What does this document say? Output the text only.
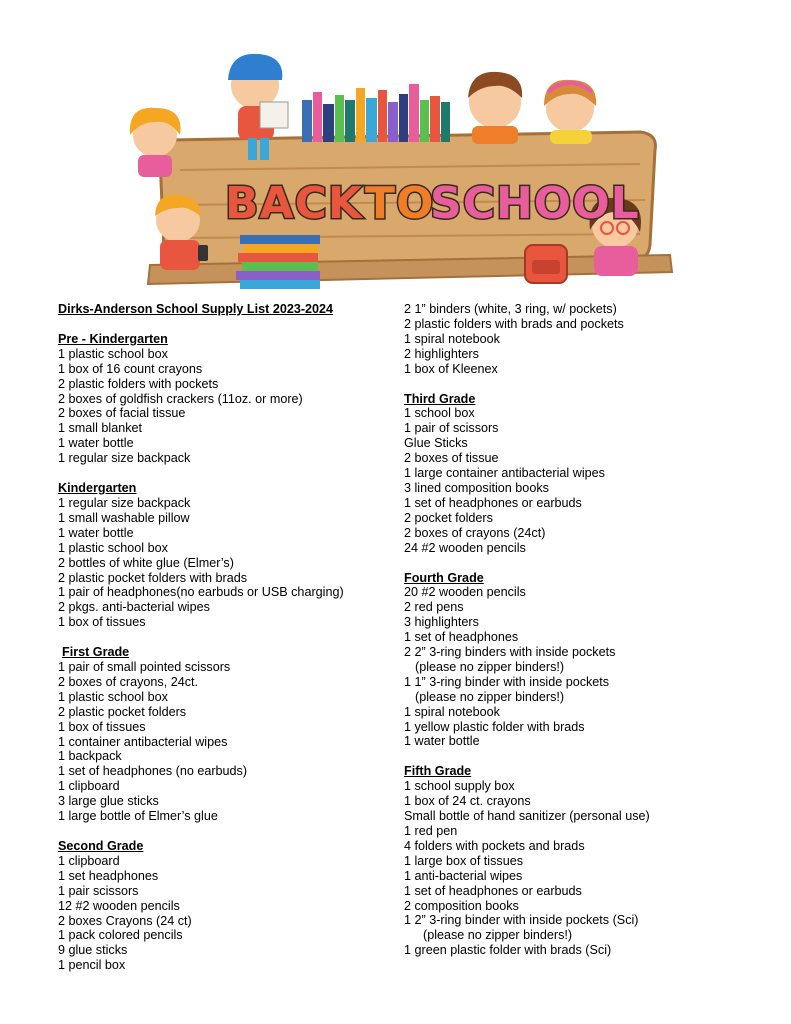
BACK TO
SCHOOL
Dirks-Anderson School Supply List 2023-2024
Pre - Kindergarten
1 plastic school box
1 box of 16 count crayons
2 plastic folders with pockets
2 boxes of goldfish crackers (11oz. or more)
2 boxes of facial tissue
1 small blanket
1 water bottle
1 regular size backpack
Kindergarten
1 regular size backpack
1 small washable pillow
1 water bottle
1 plastic school box
2 bottles of white glue (Elmer’s)
2 plastic pocket folders with brads
1 pair of headphones(no earbuds or USB charging)
2 pkgs. anti-bacterial wipes
1 box of tissues
First Grade
1 pair of small pointed scissors
2 boxes of crayons, 24ct.
1 plastic school box
2 plastic pocket folders
1 box of tissues
1 container antibacterial wipes
1 backpack
1 set of headphones (no earbuds)
1 clipboard
3 large glue sticks
1 large bottle of Elmer’s glue
Second Grade
1 clipboard
1 set headphones
1 pair scissors
12 #2 wooden pencils
2 boxes Crayons (24 ct)
1 pack colored pencils
9 glue sticks
1 pencil box
2 1” binders (white, 3 ring, w/ pockets)
2 plastic folders with brads and pockets
1 spiral notebook
2 highlighters
1 box of Kleenex
Third Grade
1 school box
1 pair of scissors
Glue Sticks
2 boxes of tissue
1 large container antibacterial wipes
3 lined composition books
1 set of headphones or earbuds
2 pocket folders
2 boxes of crayons (24ct)
24 #2 wooden pencils
Fourth Grade
20 #2 wooden pencils
2 red pens
3 highlighters
1 set of headphones
2 2” 3-ring binders with inside pockets
(please no zipper binders!)
1 1” 3-ring binder with inside pockets
(please no zipper binders!)
1 spiral notebook
1 yellow plastic folder with brads
1 water bottle
Fifth Grade
1 school supply box
1 box of 24 ct. crayons
Small bottle of hand sanitizer (personal use)
1 red pen
4 folders with pockets and brads
1 large box of tissues
1 anti-bacterial wipes
1 set of headphones or earbuds
2 composition books
1 2” 3-ring binder with inside pockets (Sci)
(please no zipper binders!)
1 green plastic folder with brads (Sci)
